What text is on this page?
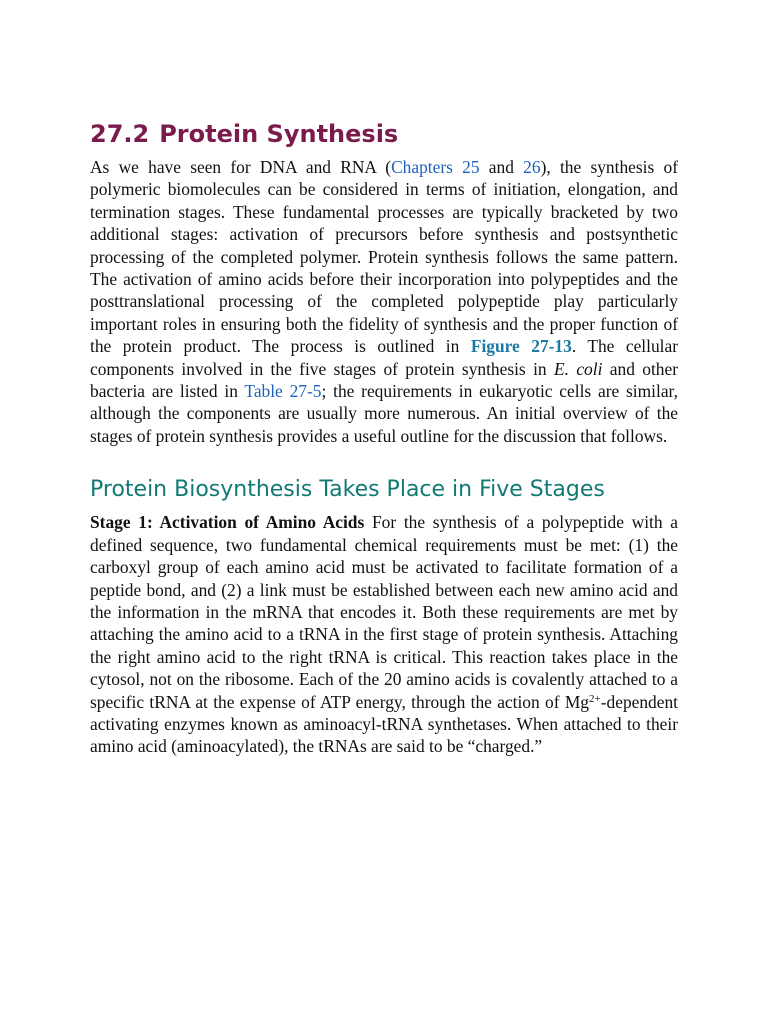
27.2 Protein Synthesis

As we have seen for DNA and RNA (Chapters 25 and 26), the synthesis of polymeric biomolecules can be considered in terms of initiation, elongation, and termination stages. These fundamental processes are typically bracketed by two additional stages: activation of precursors before synthesis and postsynthetic processing of the completed polymer. Protein synthesis follows the same pattern. The activation of amino acids before their incorporation into polypeptides and the posttranslational processing of the completed polypeptide play particularly important roles in ensuring both the fidelity of synthesis and the proper function of the protein product. The process is outlined in Figure 27-13. The cellular components involved in the five stages of protein synthesis in E. coli and other bacteria are listed in Table 27-5; the requirements in eukaryotic cells are similar, although the components are usually more numerous. An initial overview of the stages of protein synthesis provides a useful outline for the discussion that follows.

Protein Biosynthesis Takes Place in Five Stages

Stage 1: Activation of Amino Acids For the synthesis of a polypeptide with a defined sequence, two fundamental chemical requirements must be met: (1) the carboxyl group of each amino acid must be activated to facilitate formation of a peptide bond, and (2) a link must be established between each new amino acid and the information in the mRNA that encodes it. Both these requirements are met by attaching the amino acid to a tRNA in the first stage of protein synthesis. Attaching the right amino acid to the right tRNA is critical. This reaction takes place in the cytosol, not on the ribosome. Each of the 20 amino acids is covalently attached to a specific tRNA at the expense of ATP energy, through the action of $Mg^{2+}$-dependent activating enzymes known as aminoacyl-tRNA synthetases. When attached to their amino acid (aminoacylated), the tRNAs are said to be “charged.”
